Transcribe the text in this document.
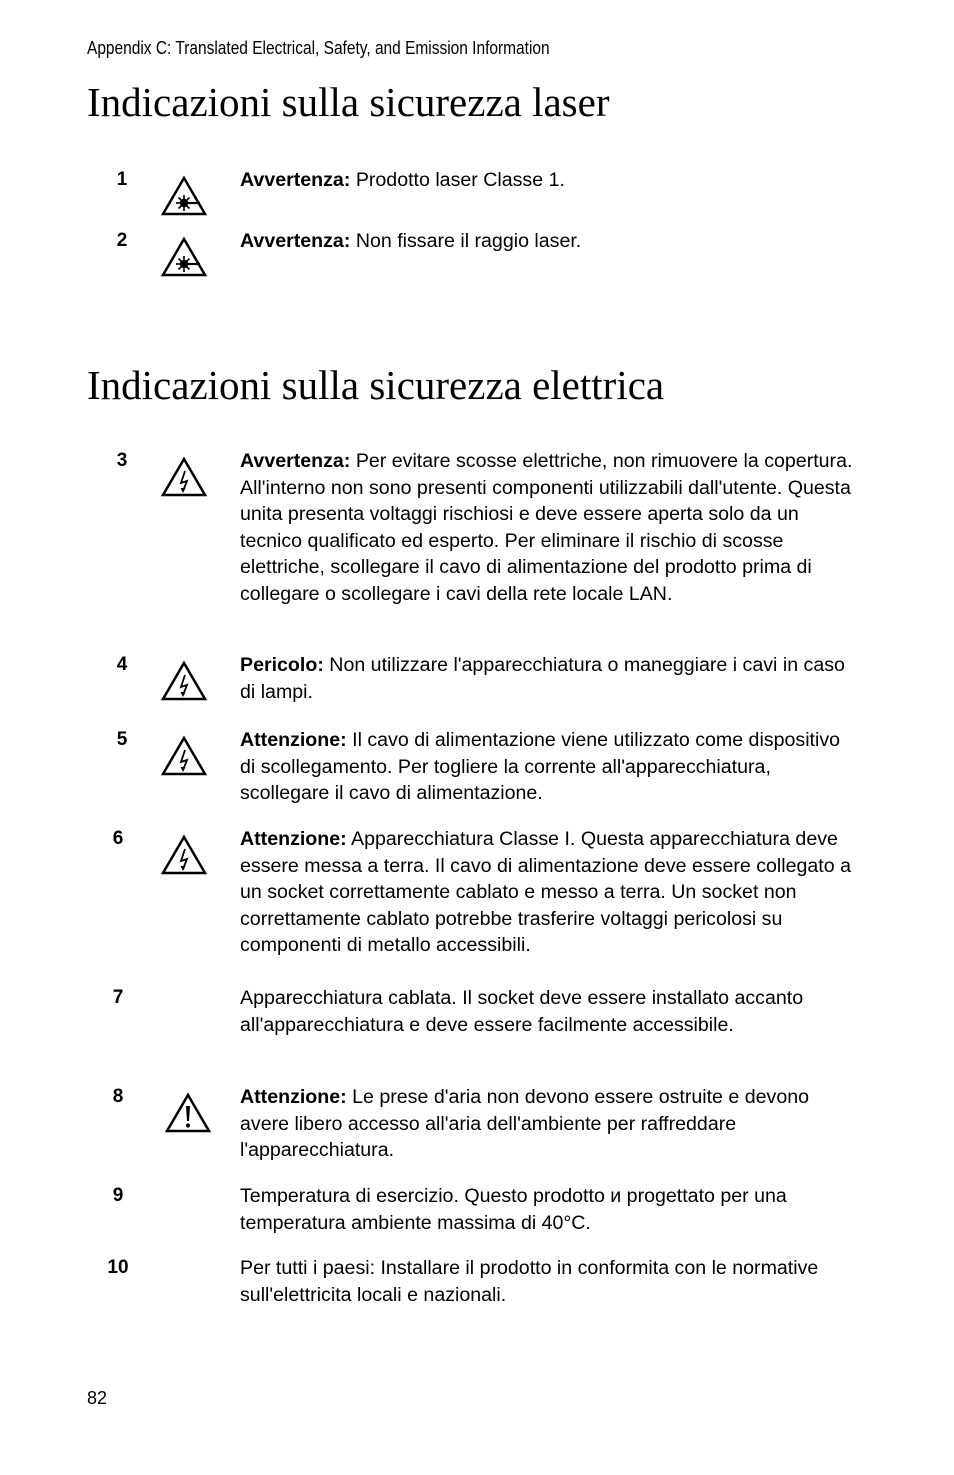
Appendix C: Translated Electrical, Safety, and Emission Information
Indicazioni sulla sicurezza laser
1	Avvertenza: Prodotto laser Classe 1.
2	Avvertenza: Non fissare il raggio laser.
Indicazioni sulla sicurezza elettrica
3	Avvertenza: Per evitare scosse elettriche, non rimuovere la copertura. All'interno non sono presenti componenti utilizzabili dall'utente. Questa unita presenta voltaggi rischiosi e deve essere aperta solo da un tecnico qualificato ed esperto. Per eliminare il rischio di scosse elettriche, scollegare il cavo di alimentazione del prodotto prima di collegare o scollegare i cavi della rete locale LAN.
4	Pericolo: Non utilizzare l'apparecchiatura o maneggiare i cavi in caso di lampi.
5	Attenzione: Il cavo di alimentazione viene utilizzato come dispositivo di scollegamento. Per togliere la corrente all'apparecchiatura, scollegare il cavo di alimentazione.
6	Attenzione: Apparecchiatura Classe I. Questa apparecchiatura deve essere messa a terra. Il cavo di alimentazione deve essere collegato a un socket correttamente cablato e messo a terra. Un socket non correttamente cablato potrebbe trasferire voltaggi pericolosi su componenti di metallo accessibili.
7	Apparecchiatura cablata. Il socket deve essere installato accanto all'apparecchiatura e deve essere facilmente accessibile.
8	Attenzione: Le prese d'aria non devono essere ostruite e devono avere libero accesso all'aria dell'ambiente per raffreddare l'apparecchiatura.
9	Temperatura di esercizio. Questo prodotto и progettato per una temperatura ambiente massima di 40°C.
10	Per tutti i paesi: Installare il prodotto in conformita con le normative sull'elettricita locali e nazionali.
82
